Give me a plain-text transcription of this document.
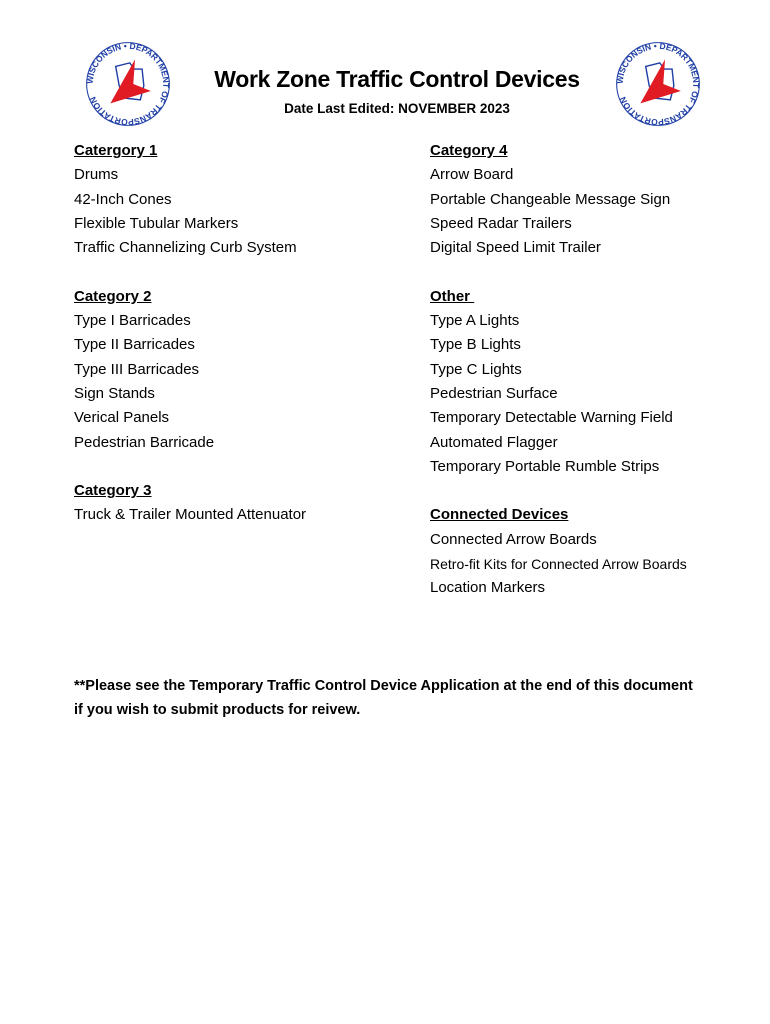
WISCONSIN • DEPARTMENT OF TRANSPORTATION
WISCONSIN • DEPARTMENT OF TRANSPORTATION
Work Zone Traffic Control Devices
Date Last Edited: NOVEMBER 2023
Catergory 1
Drums
42-Inch Cones
Flexible Tubular Markers
Traffic Channelizing Curb System
Category 2
Type I Barricades
Type II Barricades
Type III Barricades
Sign Stands
Verical Panels
Pedestrian Barricade
Category 3
Truck & Trailer Mounted Attenuator
Category 4
Arrow Board
Portable Changeable Message Sign
Speed Radar Trailers
Digital Speed Limit Trailer
Other
Type A Lights
Type B Lights
Type C Lights
Pedestrian Surface
Temporary Detectable Warning Field
Automated Flagger
Temporary Portable Rumble Strips
Connected Devices
Connected Arrow Boards
Retro-fit Kits for Connected Arrow Boards
Location Markers
**Please see the Temporary Traffic Control Device Application at the end of this document if you wish to submit products for reivew.
